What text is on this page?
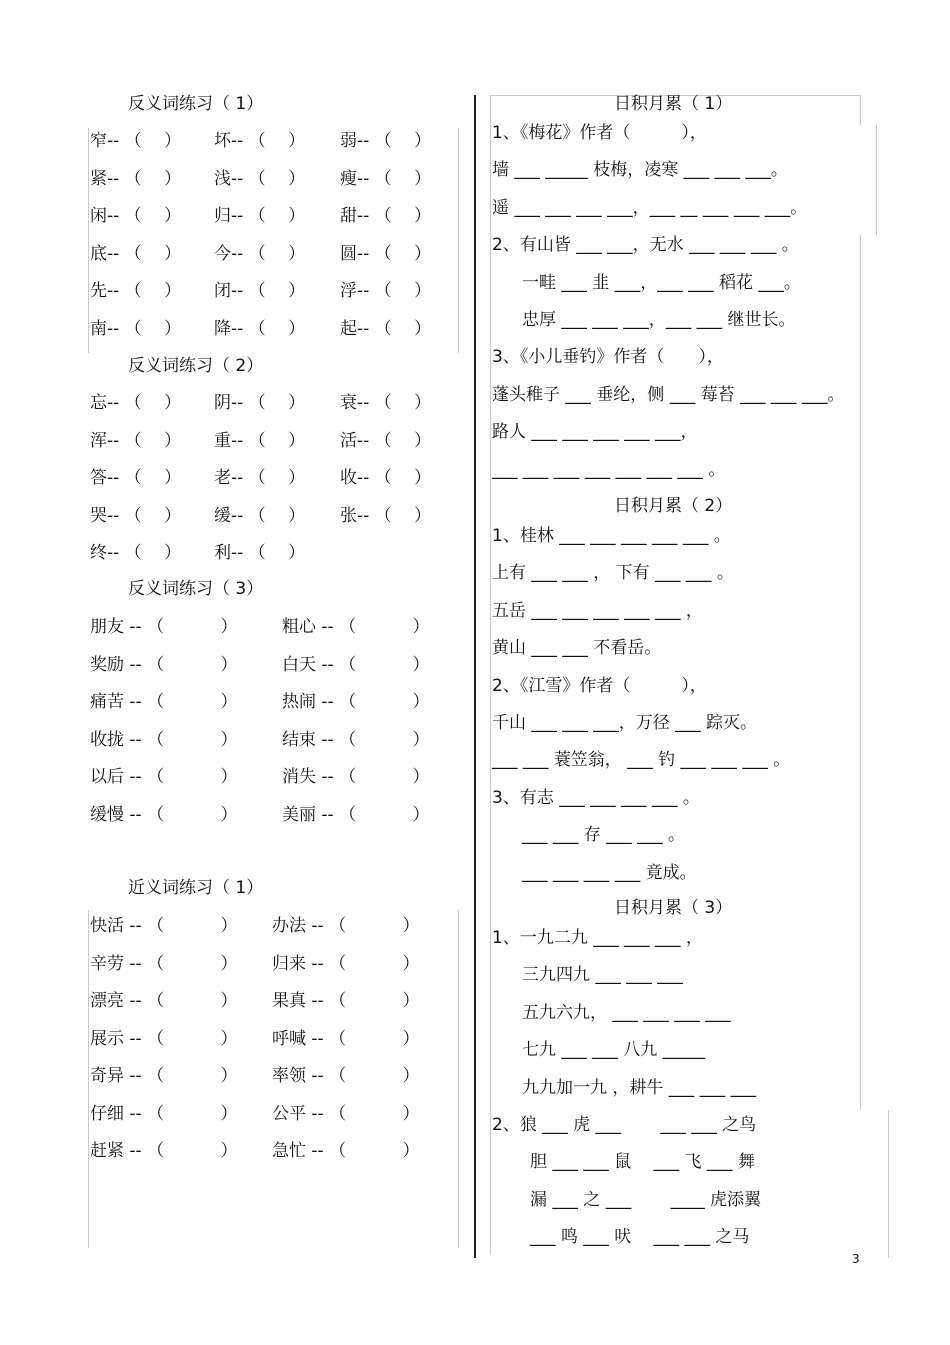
反义词练习（ 1）
窄-- （　 ） 坏-- （　 ） 弱-- （　 ）
紧-- （　 ） 浅-- （　 ） 瘦-- （　 ）
闲-- （　 ） 归-- （　 ） 甜-- （　 ）
底-- （　 ） 今-- （　 ） 圆-- （　 ）
先-- （　 ） 闭-- （　 ） 浮-- （　 ）
南-- （　 ） 降-- （　 ） 起-- （　 ）
反义词练习（ 2）
忘-- （　 ） 阴-- （　 ） 衰-- （　 ）
浑-- （　 ） 重-- （　 ） 活-- （　 ）
答-- （　 ） 老-- （　 ） 收-- （　 ）
哭-- （　 ） 缓-- （　 ） 张-- （　 ）
终-- （　 ） 利-- （　 ）
反义词练习（ 3）
朋友 -- （　　　 ）	粗心 -- （　　　 ）
奖励 -- （　　　 ）	白天 -- （　　　 ）
痛苦 -- （　　　 ）	热闹 -- （　　　 ）
收拢 -- （　　　 ）	结束 -- （　　　 ）
以后 -- （　　　 ）	消失 -- （　　　 ）
缓慢 -- （　　　 ）	美丽 -- （　　　 ）
近义词练习（ 1）
快活 -- （　　　 ） 办法 -- （　　　 ）
辛劳 -- （　　　 ） 归来 -- （　　　 ）
漂亮 -- （　　　 ） 果真 -- （　　　 ）
展示 -- （　　　 ） 呼喊 -- （　　　 ）
奇异 -- （　　　 ） 率领 -- （　　　 ）
仔细 -- （　　　 ） 公平 -- （　　　 ）
赶紧 -- （　　　 ） 急忙 -- （　　　 ）
日积月累（ 1）
1、《梅花》作者（　　　），
墙 ___ _____ 枝梅，凌寒 ___ ___ ___。
遥 ___ ___ ___ ___，___ __ ___ ___ ___。
2、有山皆 ___ ___，无水 ___ ___ ___ 。
一畦 ___ 韭 ___，___ ___ 稻花 ___。
忠厚 ___ ___ ___，___ ___ 继世长。
3、《小儿垂钓》作者（　　），
蓬头稚子 ___ 垂纶，侧 ___ 莓苔 ___ ___ ___。
路人 ___ ___ ___ ___ ___，
___ ___ ___ ___ ___ ___ ___ 。
日积月累（ 2）
1、桂林 ___ ___ ___ ___ ___ 。
上有 ___ ___ ， 下有 ___ ___ 。
五岳 ___ ___ ___ ___ ___ ，
黄山 ___ ___ 不看岳。
2、《江雪》作者（　　　），
千山 ___ ___ ___，万径 ___ 踪灭。
___ ___ 蓑笠翁， ___ 钓 ___ ___ ___ 。
3、有志 ___ ___ ___ ___ 。
___ ___ 存 ___ ___ 。
___ ___ ___ ___ 竟成。
日积月累（ 3）
1、一九二九 ___ ___ ___ ，
三九四九 ___ ___ ___
五九六九， ___ ___ ___ ___
七九 ___ ___ 八九 _____
九九加一九 ，耕牛 ___ ___ ___
2、狼 ___ 虎 ___　　 ___ ___ 之鸟
胆 ___ ___ 鼠　 ___ 飞 ___ 舞
漏 ___ 之 ___　　 ____ 虎添翼
___ 鸣 ___ 吠　 ___ ___ 之马
3
